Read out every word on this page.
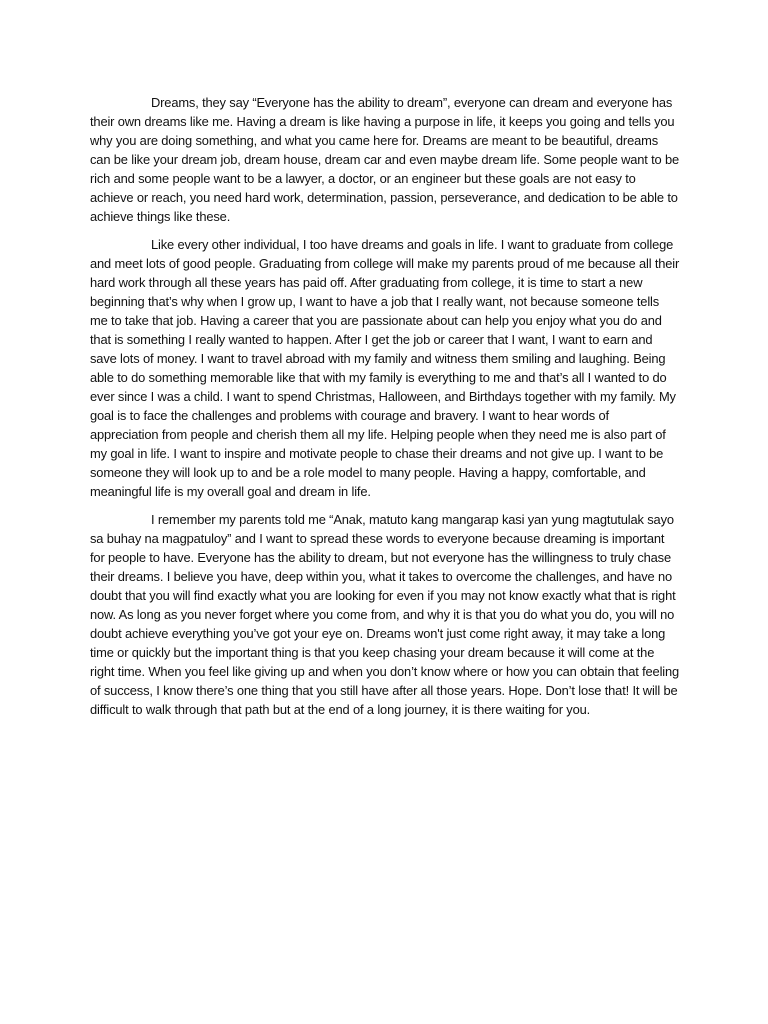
Dreams, they say “Everyone has the ability to dream”, everyone can dream and everyone has their own dreams like me. Having a dream is like having a purpose in life, it keeps you going and tells you why you are doing something, and what you came here for. Dreams are meant to be beautiful, dreams can be like your dream job, dream house, dream car and even maybe dream life. Some people want to be rich and some people want to be a lawyer, a doctor, or an engineer but these goals are not easy to achieve or reach, you need hard work, determination, passion, perseverance, and dedication to be able to achieve things like these.

Like every other individual, I too have dreams and goals in life. I want to graduate from college and meet lots of good people. Graduating from college will make my parents proud of me because all their hard work through all these years has paid off. After graduating from college, it is time to start a new beginning that’s why when I grow up, I want to have a job that I really want, not because someone tells me to take that job. Having a career that you are passionate about can help you enjoy what you do and that is something I really wanted to happen. After I get the job or career that I want, I want to earn and save lots of money. I want to travel abroad with my family and witness them smiling and laughing. Being able to do something memorable like that with my family is everything to me and that’s all I wanted to do ever since I was a child. I want to spend Christmas, Halloween, and Birthdays together with my family. My goal is to face the challenges and problems with courage and bravery. I want to hear words of appreciation from people and cherish them all my life. Helping people when they need me is also part of my goal in life. I want to inspire and motivate people to chase their dreams and not give up. I want to be someone they will look up to and be a role model to many people. Having a happy, comfortable, and meaningful life is my overall goal and dream in life.

I remember my parents told me “Anak, matuto kang mangarap kasi yan yung magtutulak sayo sa buhay na magpatuloy” and I want to spread these words to everyone because dreaming is important for people to have. Everyone has the ability to dream, but not everyone has the willingness to truly chase their dreams. I believe you have, deep within you, what it takes to overcome the challenges, and have no doubt that you will find exactly what you are looking for even if you may not know exactly what that is right now. As long as you never forget where you come from, and why it is that you do what you do, you will no doubt achieve everything you’ve got your eye on. Dreams won't just come right away, it may take a long time or quickly but the important thing is that you keep chasing your dream because it will come at the right time. When you feel like giving up and when you don’t know where or how you can obtain that feeling of success, I know there’s one thing that you still have after all those years. Hope. Don’t lose that! It will be difficult to walk through that path but at the end of a long journey, it is there waiting for you.
